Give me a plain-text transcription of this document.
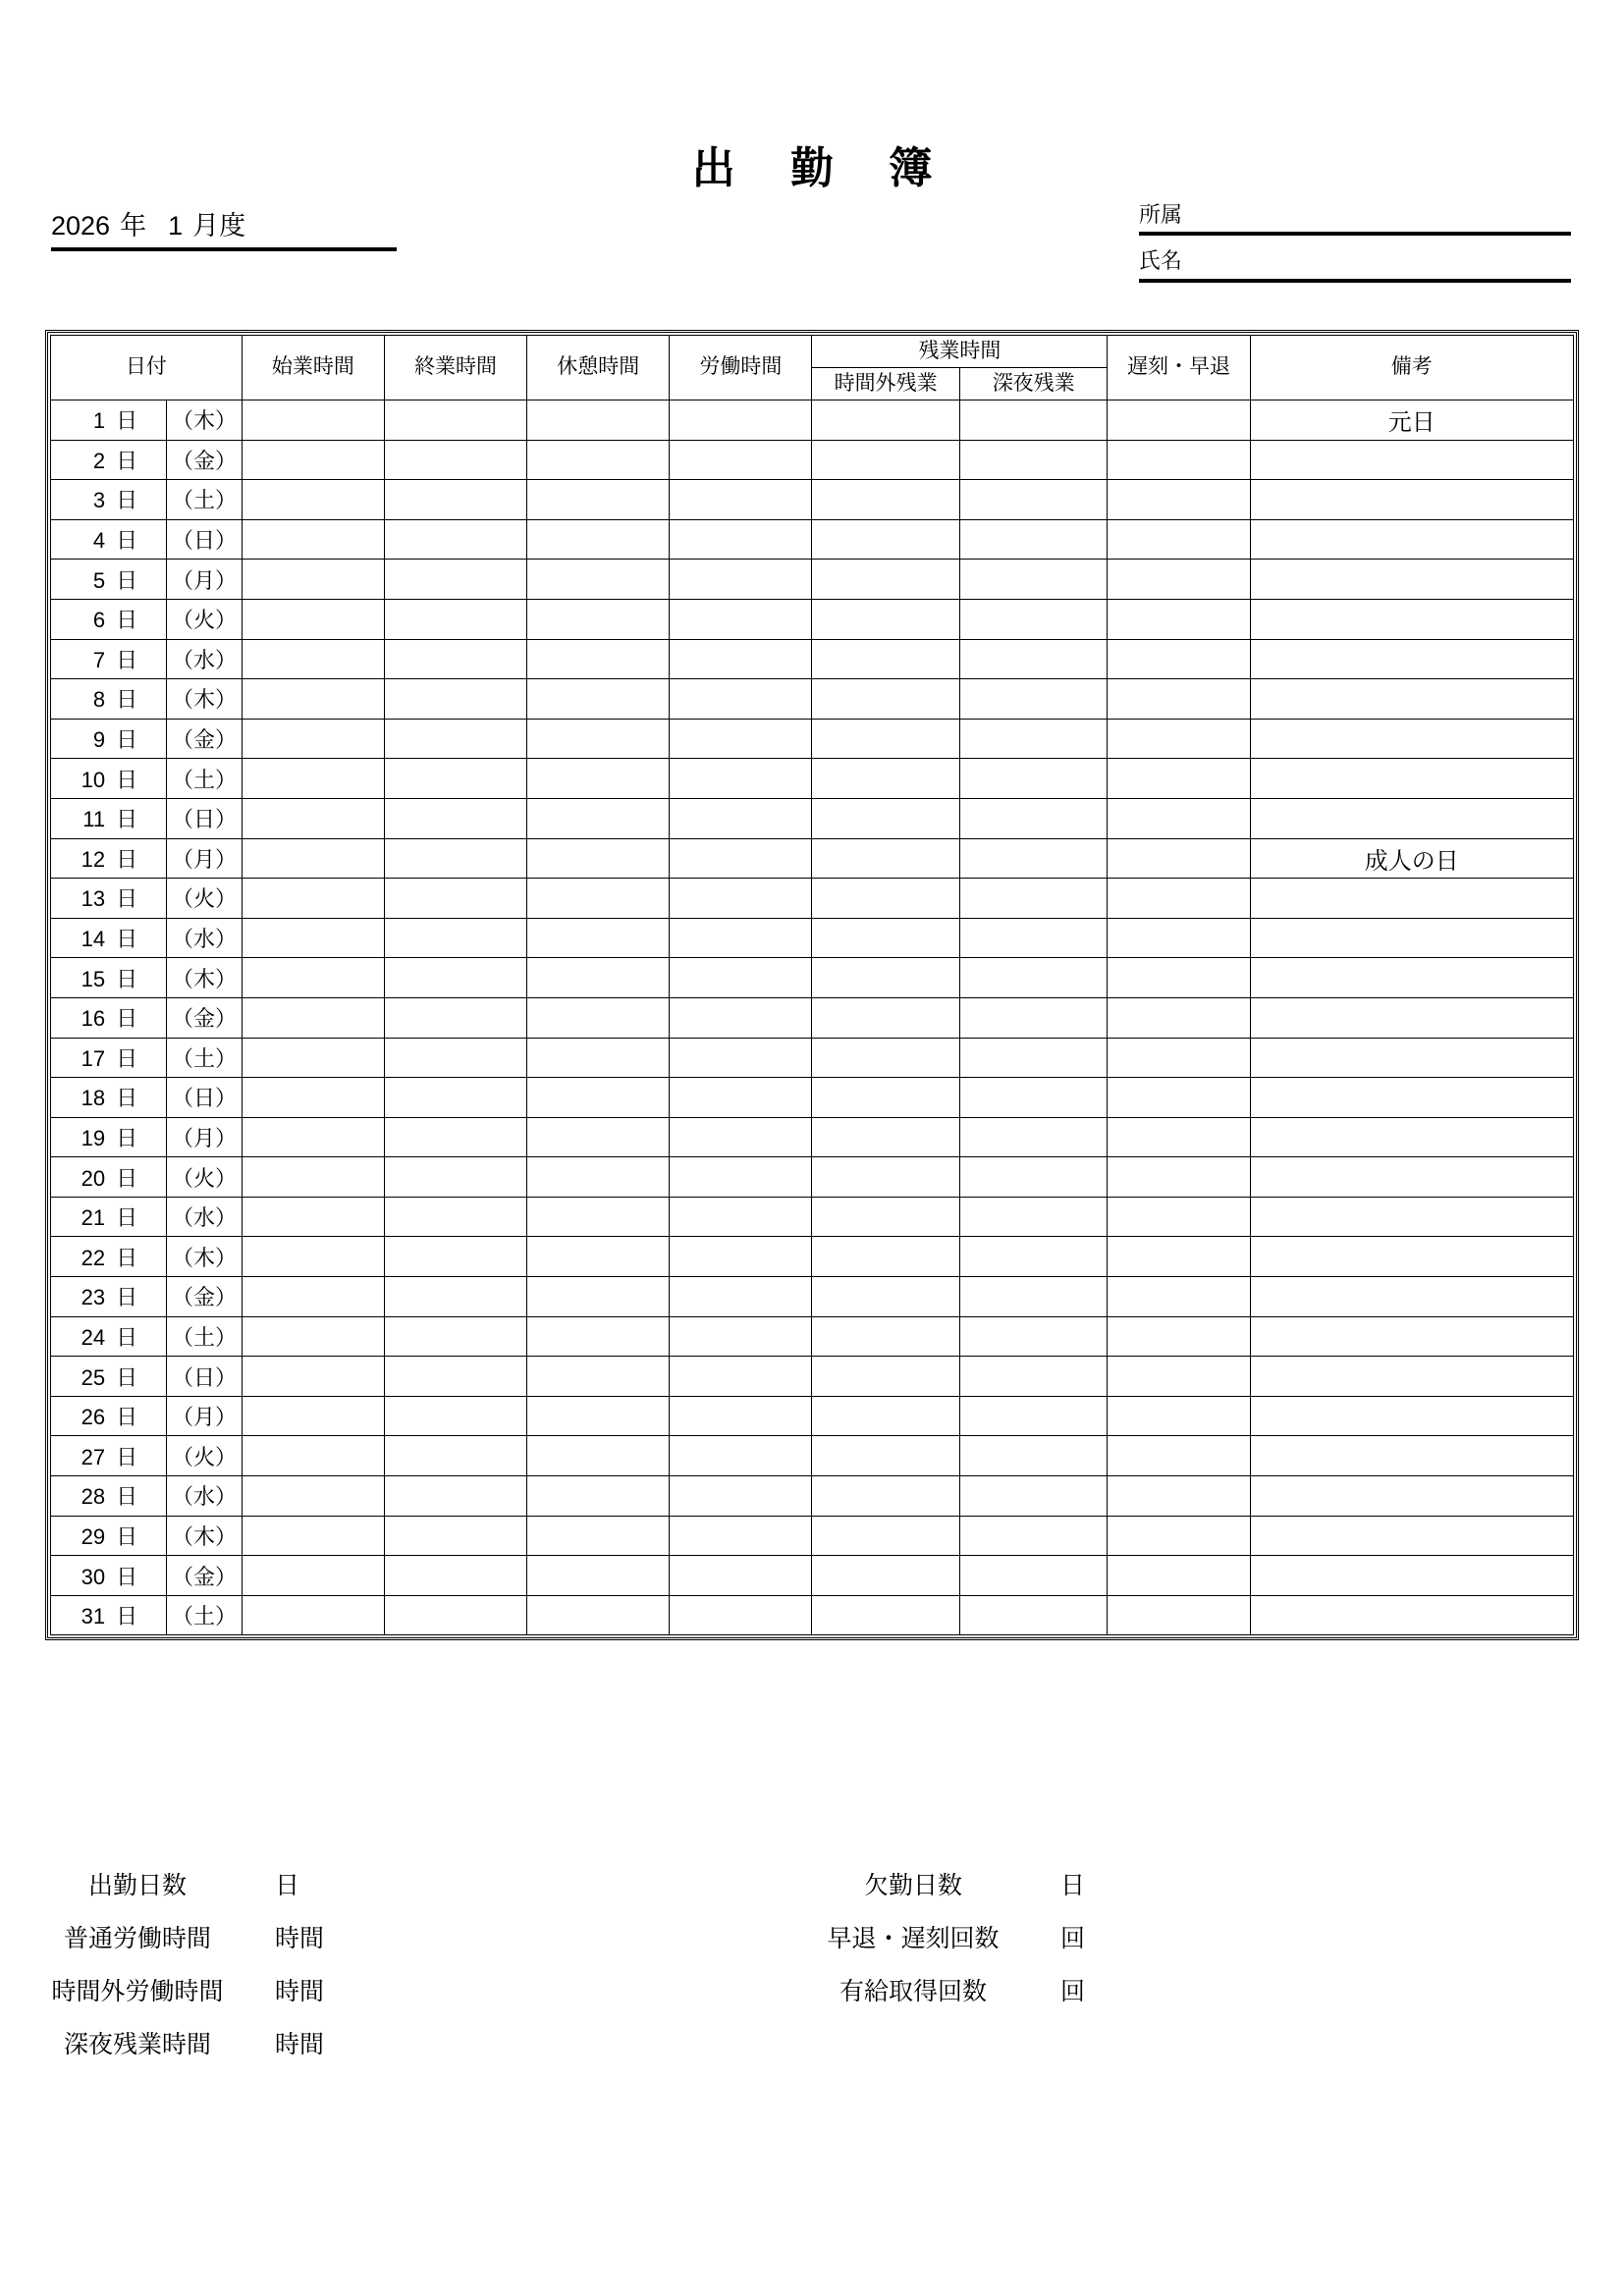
出 勤 簿
2026 年 1 月度	所属
氏名
日付		始業時間	終業時間	休憩時間	労働時間	残業時間		遅刻・早退	備考
						時間外残業	深夜残業		
1 日	（木）								元日
2 日	（金）								
3 日	（土）								
4 日	（日）								
5 日	（月）								
6 日	（火）								
7 日	（水）								
8 日	（木）								
9 日	（金）								
10 日	（土）								
11 日	（日）								
12 日	（月）								成人の日
13 日	（火）								
14 日	（水）								
15 日	（木）								
16 日	（金）								
17 日	（土）								
18 日	（日）								
19 日	（月）								
20 日	（火）								
21 日	（水）								
22 日	（木）								
23 日	（金）								
24 日	（土）								
25 日	（日）								
26 日	（月）								
27 日	（火）								
28 日	（水）								
29 日	（木）								
30 日	（金）								
31 日	（土）								
出勤日数	日		欠勤日数	日
普通労働時間	時間		早退・遅刻回数	回
時間外労働時間	時間		有給取得回数	回
深夜残業時間	時間			
